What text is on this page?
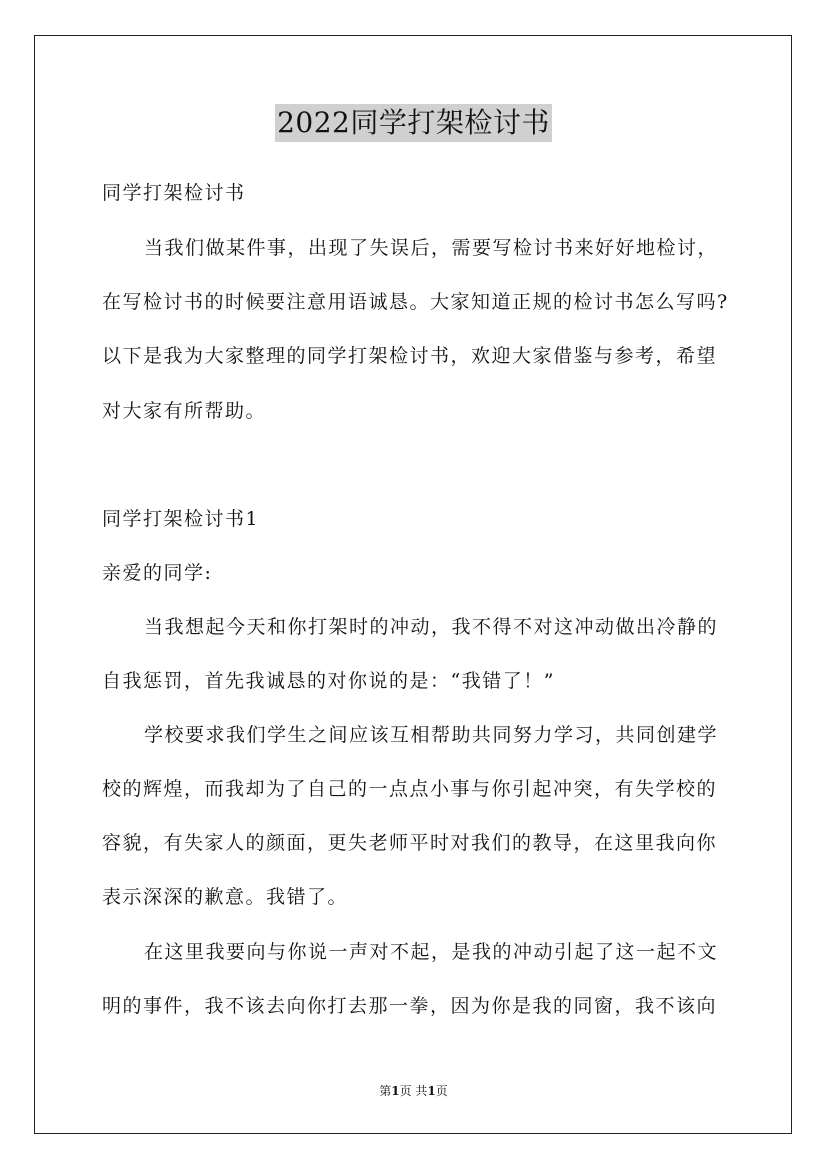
2022同学打架检讨书
同学打架检讨书
当我们做某件事，出现了失误后，需要写检讨书来好好地检讨，
在写检讨书的时候要注意用语诚恳。大家知道正规的检讨书怎么写吗?
以下是我为大家整理的同学打架检讨书，欢迎大家借鉴与参考，希望
对大家有所帮助。
同学打架检讨书1
亲爱的同学:
当我想起今天和你打架时的冲动，我不得不对这冲动做出冷静的
自我惩罚，首先我诚恳的对你说的是：“我错了！”
学校要求我们学生之间应该互相帮助共同努力学习，共同创建学
校的辉煌，而我却为了自己的一点点小事与你引起冲突，有失学校的
容貌，有失家人的颜面，更失老师平时对我们的教导，在这里我向你
表示深深的歉意。我错了。
在这里我要向与你说一声对不起，是我的冲动引起了这一起不文
明的事件，我不该去向你打去那一拳，因为你是我的同窗，我不该向
第1页 共1页
